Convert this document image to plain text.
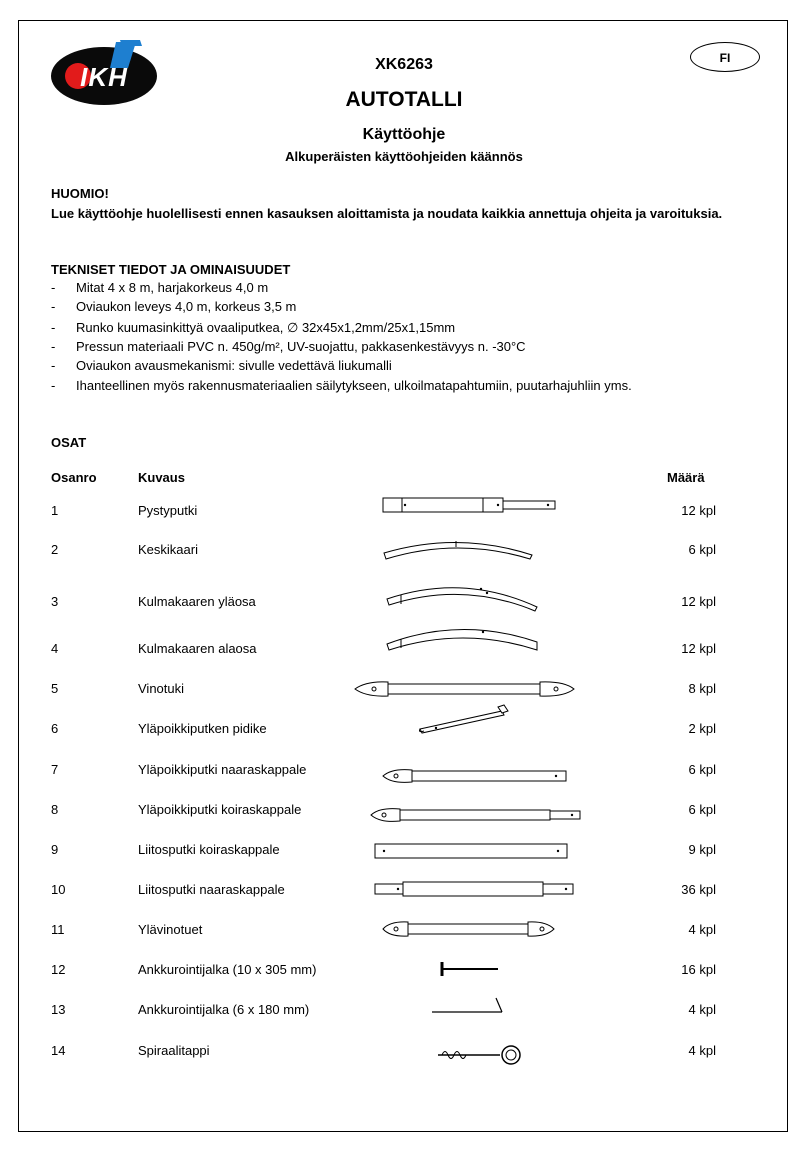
IKH
FI
XK6263
AUTOTALLI
Käyttöohje
Alkuperäisten käyttöohjeiden käännös
HUOMIO!
Lue käyttöohje huolellisesti ennen kasauksen aloittamista ja noudata kaikkia annettuja ohjeita ja varoituksia.
TEKNISET TIEDOT JA OMINAISUUDET
- Mitat 4 x 8 m, harjakorkeus 4,0 m
- Oviaukon leveys 4,0 m, korkeus 3,5 m
- Runko kuumasinkittyä ovaaliputkea, ∅ 32x45x1,2mm/25x1,15mm
- Pressun materiaali PVC n. 450g/m², UV-suojattu, pakkasenkestävyys n. -30°C
- Oviaukon avausmekanismi: sivulle vedettävä liukumalli
- Ihanteellinen myös rakennusmateriaalien säilytykseen, ulkoilmatapahtumiin, puutarhajuhliin yms.
OSAT
Osanro	Kuvaus	Määrä
1	Pystyputki	12 kpl
2	Keskikaari	6 kpl
3	Kulmakaaren yläosa	12 kpl
4	Kulmakaaren alaosa	12 kpl
5	Vinotuki	8 kpl
6	Yläpoikkiputken pidike	2 kpl
7	Yläpoikkiputki naaraskappale	6 kpl
8	Yläpoikkiputki koiraskappale	6 kpl
9	Liitosputki koiraskappale	9 kpl
10	Liitosputki naaraskappale	36 kpl
11	Ylävinotuet	4 kpl
12	Ankkurointijalka (10 x 305 mm)	16 kpl
13	Ankkurointijalka (6 x 180 mm)	4 kpl
14	Spiraalitappi	4 kpl
